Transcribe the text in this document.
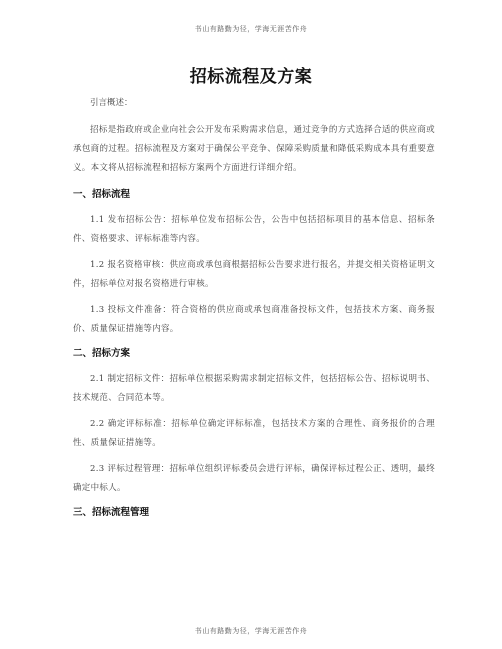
书山有路勤为径，学海无涯苦作舟
招标流程及方案

引言概述：

招标是指政府或企业向社会公开发布采购需求信息，通过竞争的方式选择合适的供应商或承包商的过程。招标流程及方案对于确保公平竞争、保障采购质量和降低采购成本具有重要意义。本文将从招标流程和招标方案两个方面进行详细介绍。

一、招标流程

1.1 发布招标公告：招标单位发布招标公告，公告中包括招标项目的基本信息、招标条件、资格要求、评标标准等内容。

1.2 报名资格审核：供应商或承包商根据招标公告要求进行报名，并提交相关资格证明文件，招标单位对报名资格进行审核。

1.3 投标文件准备：符合资格的供应商或承包商准备投标文件，包括技术方案、商务报价、质量保证措施等内容。

二、招标方案

2.1 制定招标文件：招标单位根据采购需求制定招标文件，包括招标公告、招标说明书、技术规范、合同范本等。

2.2 确定评标标准：招标单位确定评标标准，包括技术方案的合理性、商务报价的合理性、质量保证措施等。

2.3 评标过程管理：招标单位组织评标委员会进行评标，确保评标过程公正、透明，最终确定中标人。

三、招标流程管理
书山有路勤为径，学海无涯苦作舟
